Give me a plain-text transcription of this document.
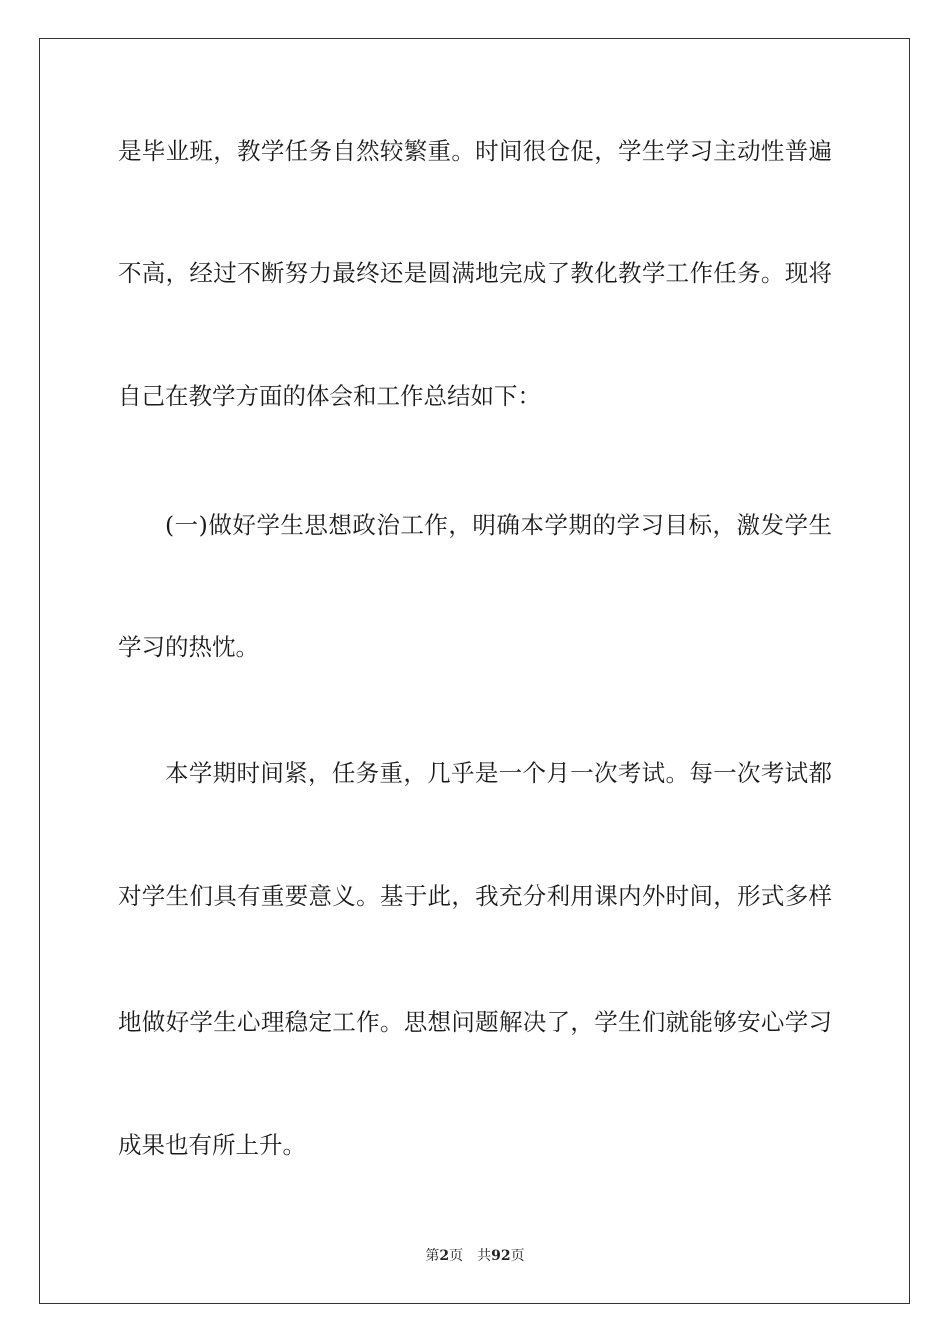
是毕业班，教学任务自然较繁重。时间很仓促，学生学习主动性普遍
不高，经过不断努力最终还是圆满地完成了教化教学工作任务。现将
自己在教学方面的体会和工作总结如下：
(一)做好学生思想政治工作，明确本学期的学习目标，激发学生
学习的热忱。
本学期时间紧，任务重，几乎是一个月一次考试。每一次考试都
对学生们具有重要意义。基于此，我充分利用课内外时间，形式多样
地做好学生心理稳定工作。思想问题解决了，学生们就能够安心学习
成果也有所上升。
第2页 共92页
